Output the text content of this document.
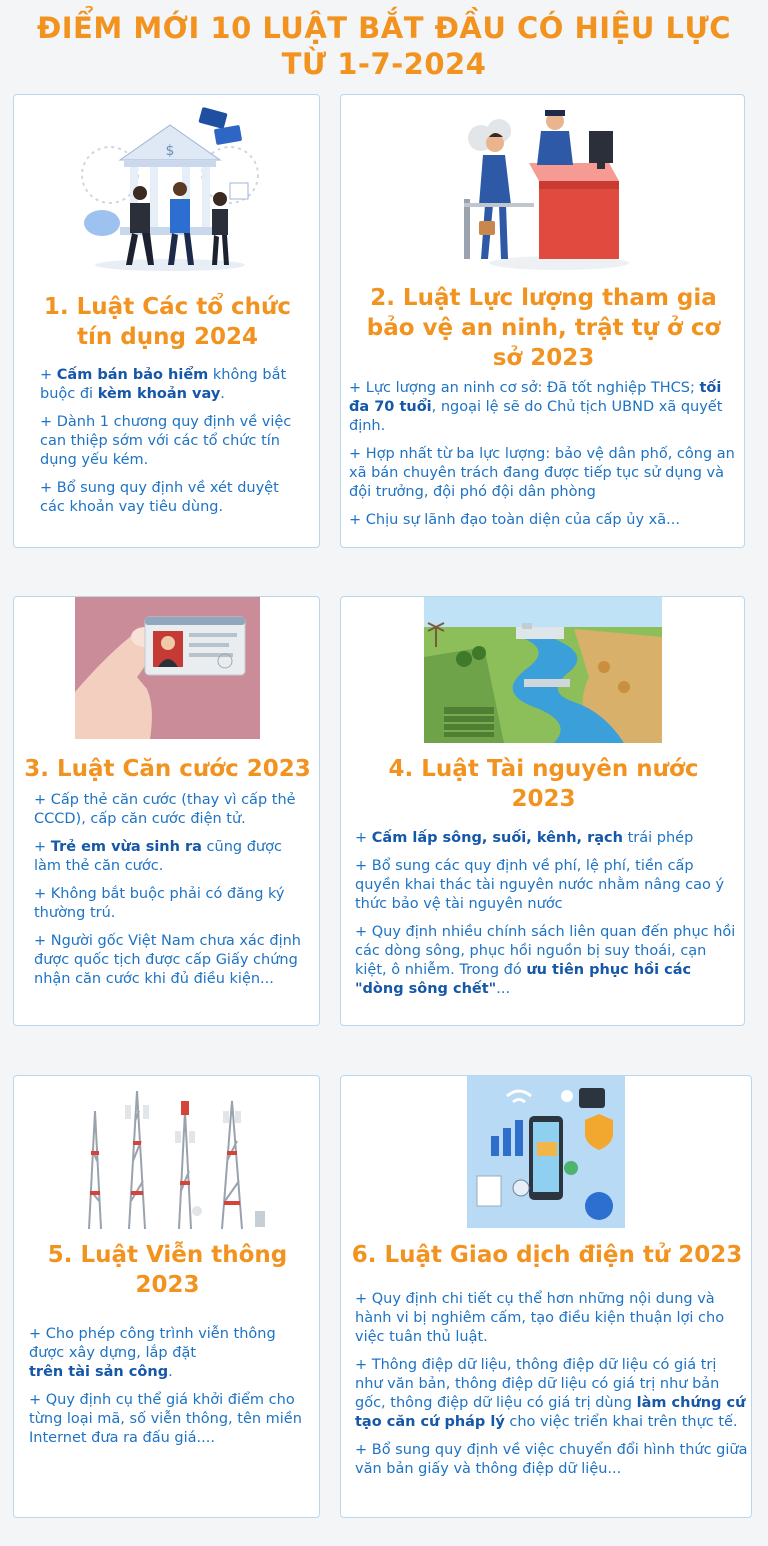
ĐIỂM MỚI 10 LUẬT BẮT ĐẦU CÓ HIỆU LỰC
TỪ 1-7-2024
$
1. Luật Các tổ chức
tín dụng 2024

+ Cấm bán bảo hiểm không bắt buộc đi kèm khoản vay.

+ Dành 1 chương quy định về việc can thiệp sớm với các tổ chức tín dụng yếu kém.

+ Bổ sung quy định về xét duyệt các khoản vay tiêu dùng.

2. Luật Lực lượng tham gia
bảo vệ an ninh, trật tự ở cơ
sở 2023

+ Lực lượng an ninh cơ sở: Đã tốt nghiệp THCS; tối đa 70 tuổi, ngoại lệ sẽ do Chủ tịch UBND xã quyết định.

+ Hợp nhất từ ba lực lượng: bảo vệ dân phố, công an xã bán chuyên trách đang được tiếp tục sử dụng và đội trưởng, đội phó đội dân phòng

+ Chịu sự lãnh đạo toàn diện của cấp ủy xã...

3. Luật Căn cước 2023

+ Cấp thẻ căn cước (thay vì cấp thẻ CCCD), cấp căn cước điện tử.

+ Trẻ em vừa sinh ra cũng được làm thẻ căn cước.

+ Không bắt buộc phải có đăng ký thường trú.

+ Người gốc Việt Nam chưa xác định được quốc tịch được cấp Giấy chứng nhận căn cước khi đủ điều kiện...

4. Luật Tài nguyên nước
2023

+ Cấm lấp sông, suối, kênh, rạch trái phép

+ Bổ sung các quy định về phí, lệ phí, tiền cấp quyền khai thác tài nguyên nước nhằm nâng cao ý thức bảo vệ tài nguyên nước

+ Quy định nhiều chính sách liên quan đến phục hồi các dòng sông, phục hồi nguồn bị suy thoái, cạn kiệt, ô nhiễm. Trong đó ưu tiên phục hồi các "dòng sông chết"...

5. Luật Viễn thông
2023

+ Cho phép công trình viễn thông được xây dựng, lắp đặt
trên tài sản công.

+ Quy định cụ thể giá khởi điểm cho từng loại mã, số viễn thông, tên miền Internet đưa ra đấu giá....

6. Luật Giao dịch điện tử 2023

+ Quy định chi tiết cụ thể hơn những nội dung và hành vi bị nghiêm cấm, tạo điều kiện thuận lợi cho việc tuân thủ luật.

+ Thông điệp dữ liệu, thông điệp dữ liệu có giá trị như văn bản, thông điệp dữ liệu có giá trị như bản gốc, thông điệp dữ liệu có giá trị dùng làm chứng cứ tạo căn cứ pháp lý cho việc triển khai trên thực tế.

+ Bổ sung quy định về việc chuyển đổi hình thức giữa văn bản giấy và thông điệp dữ liệu...
